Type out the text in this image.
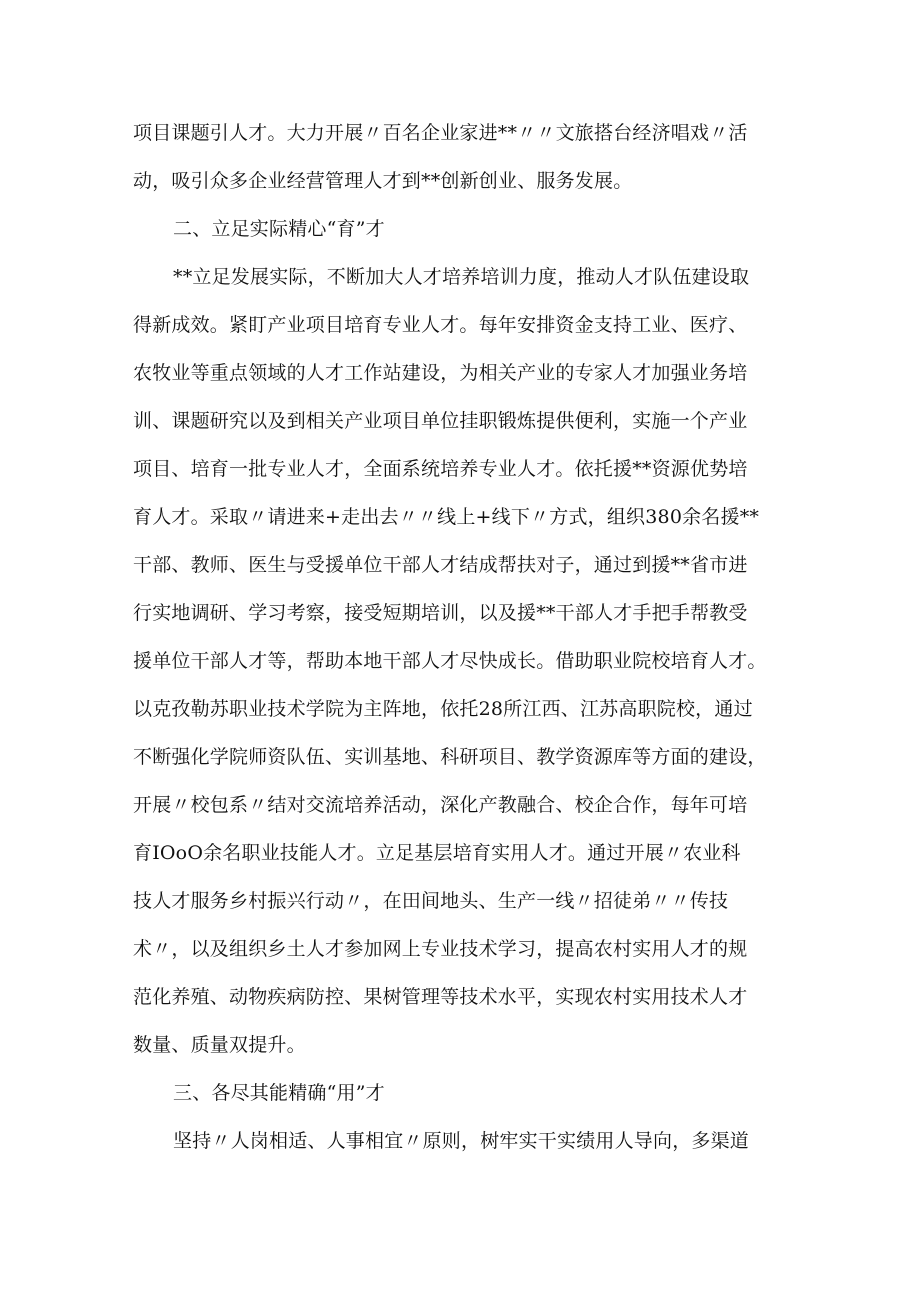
项目课题引人才。大力开展〃百名企业家进**〃〃文旅搭台经济唱戏〃活
动，吸引众多企业经营管理人才到**创新创业、服务发展。
二、立足实际精心“育”才
**立足发展实际，不断加大人才培养培训力度，推动人才队伍建设取
得新成效。紧盯产业项目培育专业人才。每年安排资金支持工业、医疗、
农牧业等重点领域的人才工作站建设，为相关产业的专家人才加强业务培
训、课题研究以及到相关产业项目单位挂职锻炼提供便利，实施一个产业
项目、培育一批专业人才，全面系统培养专业人才。依托援**资源优势培
育人才。采取〃请进来+走出去〃〃线上+线下〃方式，组织380余名援**
干部、教师、医生与受援单位干部人才结成帮扶对子，通过到援**省市进
行实地调研、学习考察，接受短期培训，以及援**干部人才手把手帮教受
援单位干部人才等，帮助本地干部人才尽快成长。借助职业院校培育人才。
以克孜勒苏职业技术学院为主阵地，依托28所江西、江苏高职院校，通过
不断强化学院师资队伍、实训基地、科研项目、教学资源库等方面的建设，
开展〃校包系〃结对交流培养活动，深化产教融合、校企合作，每年可培
育IOoO余名职业技能人才。立足基层培育实用人才。通过开展〃农业科
技人才服务乡村振兴行动〃，在田间地头、生产一线〃招徒弟〃〃传技
术〃，以及组织乡土人才参加网上专业技术学习，提高农村实用人才的规
范化养殖、动物疾病防控、果树管理等技术水平，实现农村实用技术人才
数量、质量双提升。
三、各尽其能精确“用”才
坚持〃人岗相适、人事相宜〃原则，树牢实干实绩用人导向，多渠道
